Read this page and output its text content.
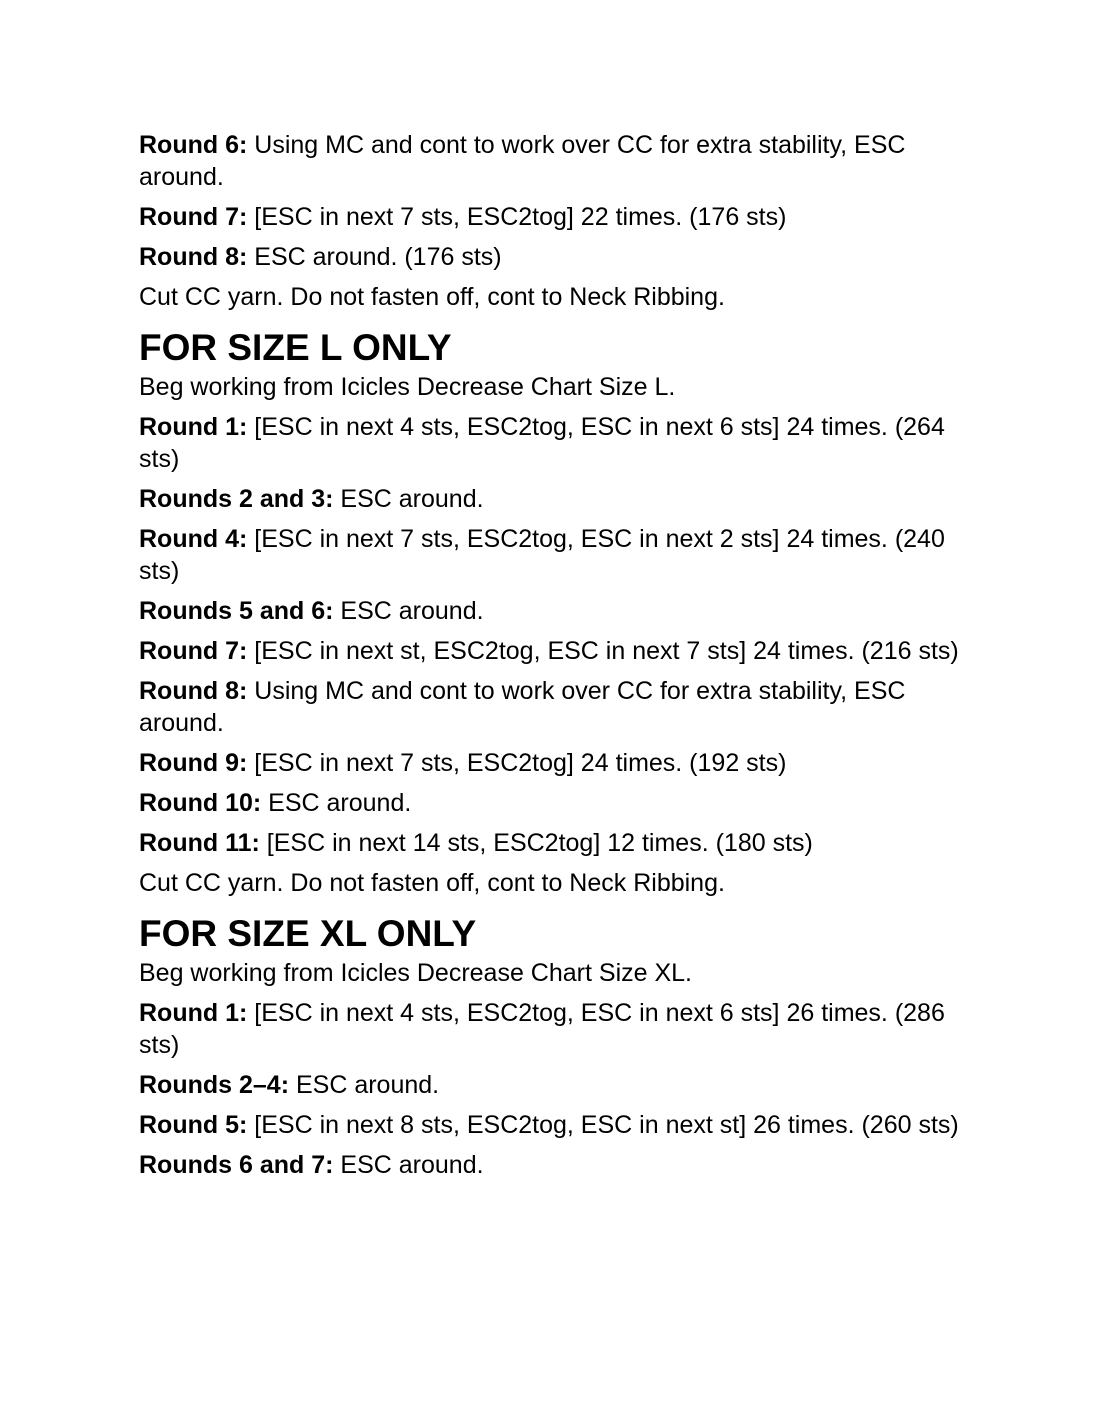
Round 6: Using MC and cont to work over CC for extra stability, ESC around.

Round 7: [ESC in next 7 sts, ESC2tog] 22 times. (176 sts)

Round 8: ESC around. (176 sts)

Cut CC yarn. Do not fasten off, cont to Neck Ribbing.

FOR SIZE L ONLY

Beg working from Icicles Decrease Chart Size L.

Round 1: [ESC in next 4 sts, ESC2tog, ESC in next 6 sts] 24 times. (264 sts)

Rounds 2 and 3: ESC around.

Round 4: [ESC in next 7 sts, ESC2tog, ESC in next 2 sts] 24 times. (240 sts)

Rounds 5 and 6: ESC around.

Round 7: [ESC in next st, ESC2tog, ESC in next 7 sts] 24 times. (216 sts)

Round 8: Using MC and cont to work over CC for extra stability, ESC around.

Round 9: [ESC in next 7 sts, ESC2tog] 24 times. (192 sts)

Round 10: ESC around.

Round 11: [ESC in next 14 sts, ESC2tog] 12 times. (180 sts)

Cut CC yarn. Do not fasten off, cont to Neck Ribbing.

FOR SIZE XL ONLY

Beg working from Icicles Decrease Chart Size XL.

Round 1: [ESC in next 4 sts, ESC2tog, ESC in next 6 sts] 26 times. (286 sts)

Rounds 2–4: ESC around.

Round 5: [ESC in next 8 sts, ESC2tog, ESC in next st] 26 times. (260 sts)

Rounds 6 and 7: ESC around.
